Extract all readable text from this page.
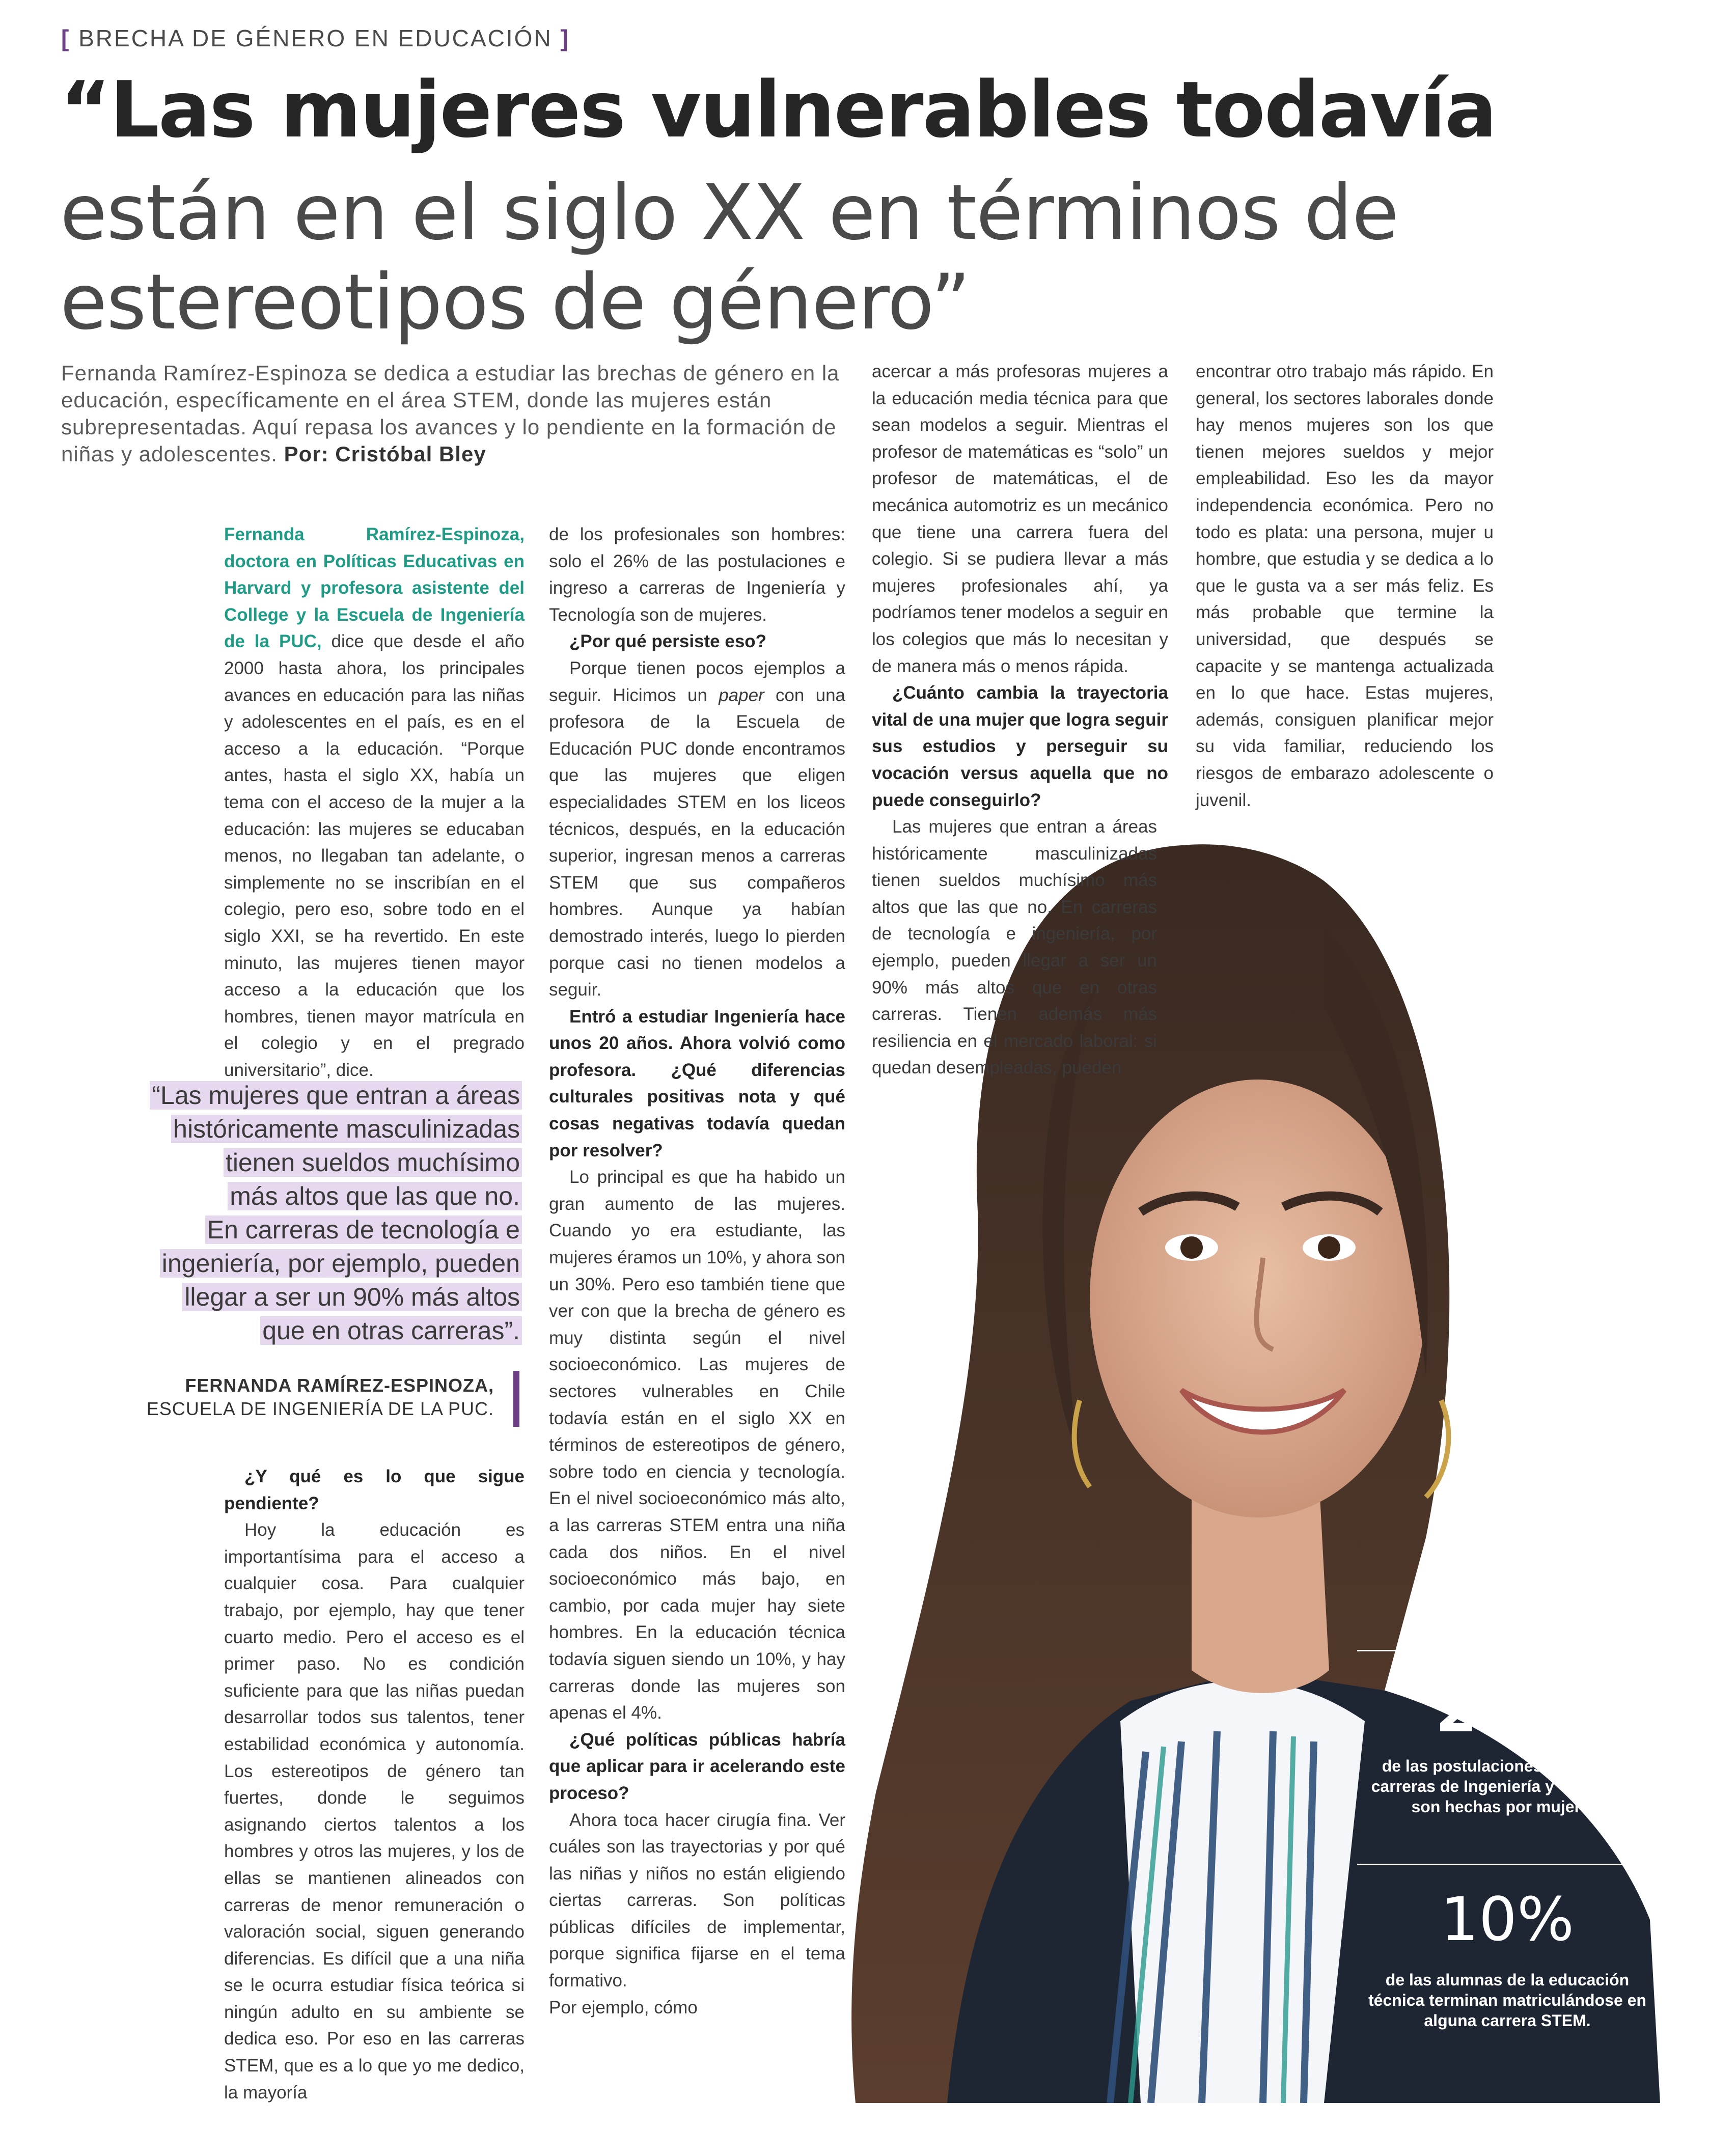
[ BRECHA DE GÉNERO EN EDUCACIÓN ]
“Las mujeres vulnerables todavía
están en el siglo XX en términos de estereotipos de género”
Fernanda Ramírez-Espinoza se dedica a estudiar las brechas de género en la educación, específicamente en el área STEM, donde las mujeres están subrepresentadas. Aquí repasa los avances y lo pendiente en la formación de niñas y adolescentes. Por: Cristóbal Bley

Fernanda Ramírez-Espinoza, doctora en Políticas Educativas en Harvard y profesora asistente del College y la Escuela de Ingeniería de la PUC, dice que desde el año 2000 hasta ahora, los principales avances en educación para las niñas y adolescentes en el país, es en el acceso a la educación. “Porque antes, hasta el siglo XX, había un tema con el acceso de la mujer a la educación: las mujeres se educaban menos, no llegaban tan adelante, o simplemente no se inscribían en el colegio, pero eso, sobre todo en el siglo XXI, se ha revertido. En este minuto, las mujeres tienen mayor acceso a la educación que los hombres, tienen mayor matrícula en el colegio y en el pregrado universitario”, dice.

“Las mujeres que entran a áreas
históricamente masculinizadas
tienen sueldos muchísimo
más altos que las que no.
En carreras de tecnología e
ingeniería, por ejemplo, pueden
llegar a ser un 90% más altos
que en otras carreras”.
FERNANDA RAMÍREZ-ESPINOZA,
ESCUELA DE INGENIERÍA DE LA PUC.

¿Y qué es lo que sigue pendiente?

Hoy la educación es importantísima para el acceso a cualquier cosa. Para cualquier trabajo, por ejemplo, hay que tener cuarto medio. Pero el acceso es el primer paso. No es condición suficiente para que las niñas puedan desarrollar todos sus talentos, tener estabilidad económica y autonomía. Los estereotipos de género tan fuertes, donde le seguimos asignando ciertos talentos a los hombres y otros las mujeres, y los de ellas se mantienen alineados con carreras de menor remuneración o valoración social, siguen generando diferencias. Es difícil que a una niña se le ocurra estudiar física teórica si ningún adulto en su ambiente se dedica eso. Por eso en las carreras STEM, que es a lo que yo me dedico, la mayoría

de los profesionales son hombres: solo el 26% de las postulaciones e ingreso a carreras de Ingeniería y Tecnología son de mujeres.

¿Por qué persiste eso?

Porque tienen pocos ejemplos a seguir. Hicimos un paper con una profesora de la Escuela de Educación PUC donde encontramos que las mujeres que eligen especialidades STEM en los liceos técnicos, después, en la educación superior, ingresan menos a carreras STEM que sus compañeros hombres. Aunque ya habían demostrado interés, luego lo pierden porque casi no tienen modelos a seguir.

Entró a estudiar Ingeniería hace unos 20 años. Ahora volvió como profesora. ¿Qué diferencias culturales positivas nota y qué cosas negativas todavía quedan por resolver?

Lo principal es que ha habido un gran aumento de las mujeres. Cuando yo era estudiante, las mujeres éramos un 10%, y ahora son un 30%. Pero eso también tiene que ver con que la brecha de género es muy distinta según el nivel socioeconómico. Las mujeres de sectores vulnerables en Chile todavía están en el siglo XX en términos de estereotipos de género, sobre todo en ciencia y tecnología. En el nivel socioeconómico más alto, a las carreras STEM entra una niña cada dos niños. En el nivel socioeconómico más bajo, en cambio, por cada mujer hay siete hombres. En la educación técnica todavía siguen siendo un 10%, y hay carreras donde las mujeres son apenas el 4%.

¿Qué políticas públicas habría que aplicar para ir acelerando este proceso?

Ahora toca hacer cirugía fina. Ver cuáles son las trayectorias y por qué las niñas y niños no están eligiendo ciertas carreras. Son políticas públicas difíciles de implementar, porque significa fijarse en el tema formativo.

Por ejemplo, cómo

26%
de las postulaciones e ingreso a carreras de Ingeniería y Tecnología son hechas por mujeres.
10%
de las alumnas de la educación técnica terminan matriculándose en alguna carrera STEM.

acercar a más profesoras mujeres a la educación media técnica para que sean modelos a seguir. Mientras el profesor de matemáticas es “solo” un profesor de matemáticas, el de mecánica automotriz es un mecánico que tiene una carrera fuera del colegio. Si se pudiera llevar a más mujeres profesionales ahí, ya podríamos tener modelos a seguir en los colegios que más lo necesitan y de manera más o menos rápida.

¿Cuánto cambia la trayectoria vital de una mujer que logra seguir sus estudios y perseguir su vocación versus aquella que no puede conseguirlo?

Las mujeres que entran a áreas históricamente masculinizadas tienen sueldos muchísimo más altos que las que no. En carreras de tecnología e ingeniería, por ejemplo, pueden llegar a ser un 90% más altos que en otras carreras. Tienen además más resiliencia en el mercado laboral: si quedan desempleadas, pueden

encontrar otro trabajo más rápido. En general, los sectores laborales donde hay menos mujeres son los que tienen mejores sueldos y mejor empleabilidad. Eso les da mayor independencia económica. Pero no todo es plata: una persona, mujer u hombre, que estudia y se dedica a lo que le gusta va a ser más feliz. Es más probable que termine la universidad, que después se capacite y se mantenga actualizada en lo que hace. Estas mujeres, además, consiguen planificar mejor su vida familiar, reduciendo los riesgos de embarazo adolescente o juvenil.
